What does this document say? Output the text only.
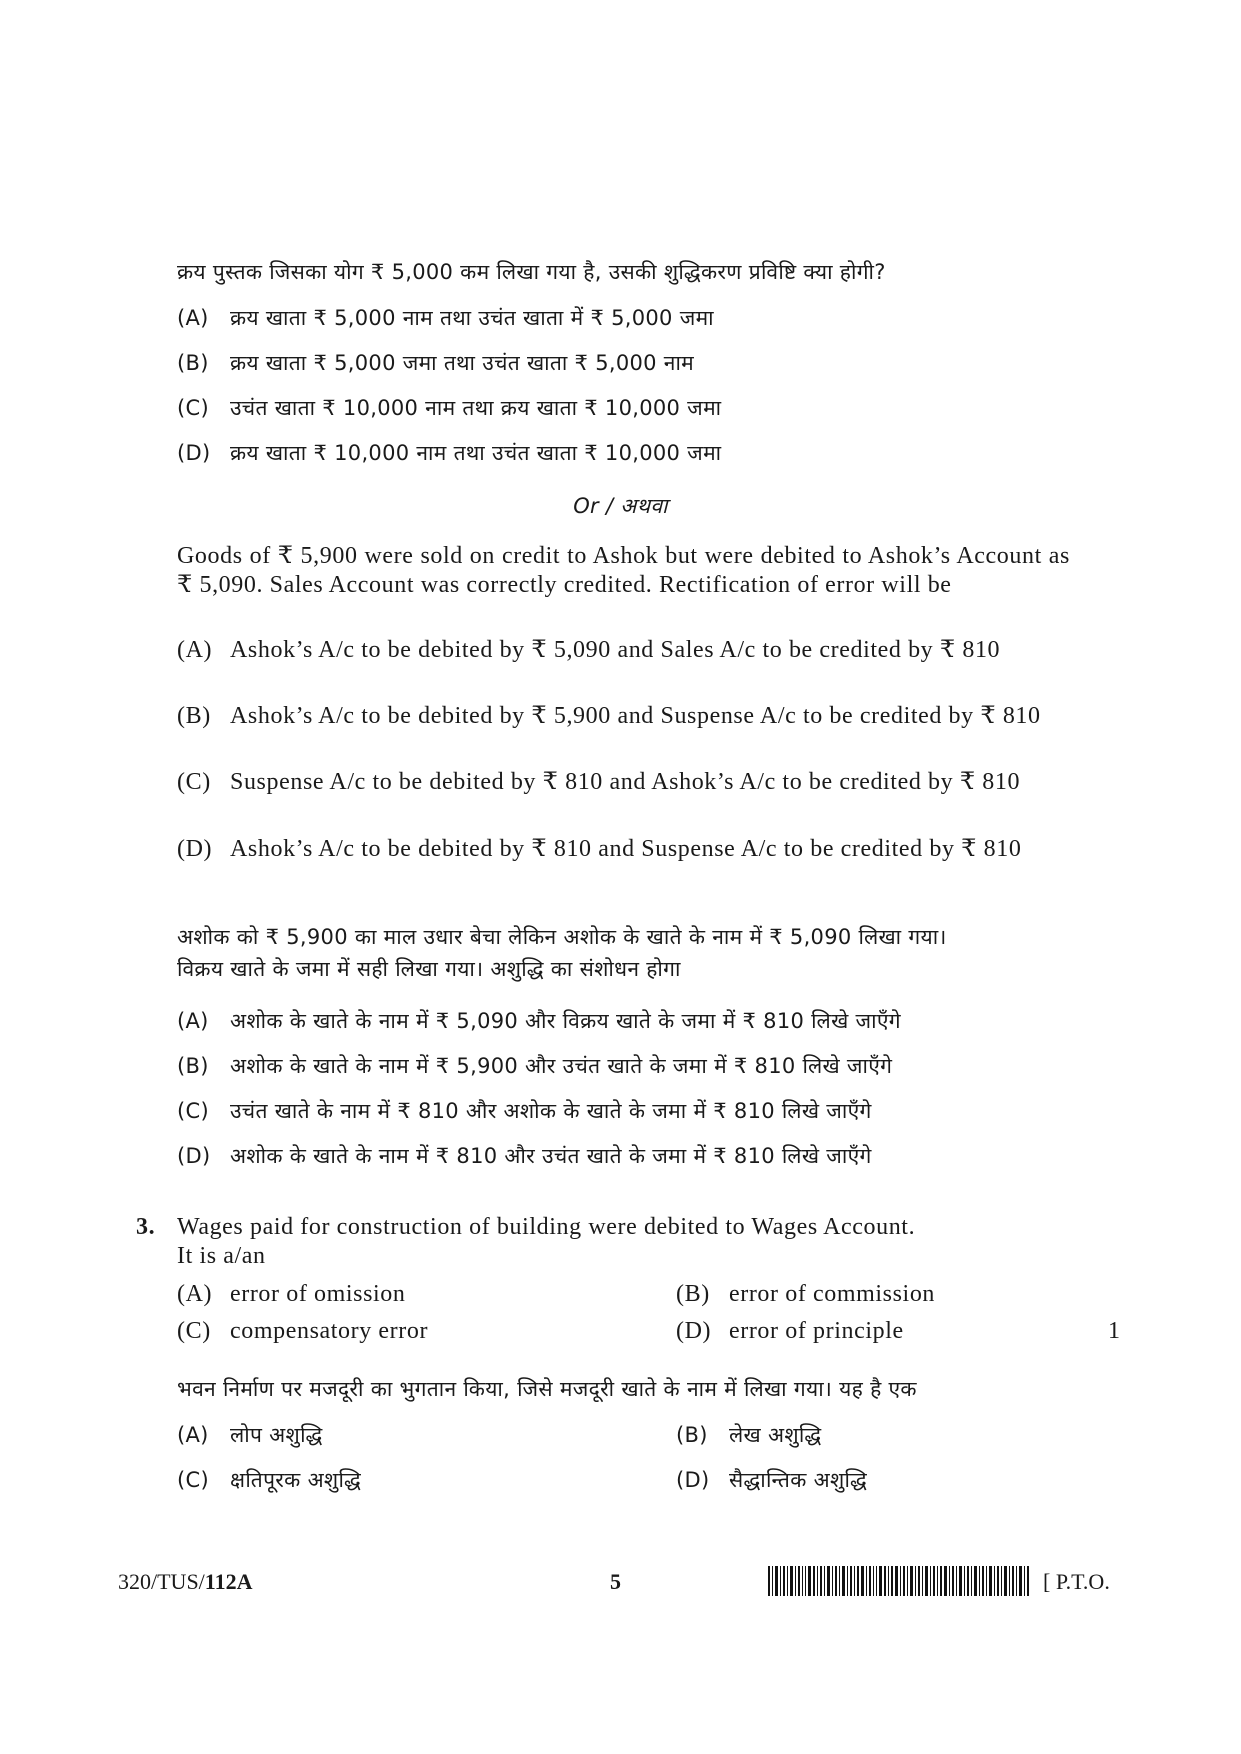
क्रय पुस्तक जिसका योग ₹ 5,000 कम लिखा गया है, उसकी शुद्धिकरण प्रविष्टि क्या होगी?
(A) क्रय खाता ₹ 5,000 नाम तथा उचंत खाता में ₹ 5,000 जमा
(B) क्रय खाता ₹ 5,000 जमा तथा उचंत खाता ₹ 5,000 नाम
(C) उचंत खाता ₹ 10,000 नाम तथा क्रय खाता ₹ 10,000 जमा
(D) क्रय खाता ₹ 10,000 नाम तथा उचंत खाता ₹ 10,000 जमा
Or / अथवा
Goods of ₹ 5,900 were sold on credit to Ashok but were debited to Ashok’s Account as ₹ 5,090. Sales Account was correctly credited. Rectification of error will be
(A) Ashok’s A/c to be debited by ₹ 5,090 and Sales A/c to be credited by ₹ 810
(B) Ashok’s A/c to be debited by ₹ 5,900 and Suspense A/c to be credited by ₹ 810
(C) Suspense A/c to be debited by ₹ 810 and Ashok’s A/c to be credited by ₹ 810
(D) Ashok’s A/c to be debited by ₹ 810 and Suspense A/c to be credited by ₹ 810
अशोक को ₹ 5,900 का माल उधार बेचा लेकिन अशोक के खाते के नाम में ₹ 5,090 लिखा गया।
विक्रय खाते के जमा में सही लिखा गया। अशुद्धि का संशोधन होगा
(A) अशोक के खाते के नाम में ₹ 5,090 और विक्रय खाते के जमा में ₹ 810 लिखे जाएँगे
(B) अशोक के खाते के नाम में ₹ 5,900 और उचंत खाते के जमा में ₹ 810 लिखे जाएँगे
(C) उचंत खाते के नाम में ₹ 810 और अशोक के खाते के जमा में ₹ 810 लिखे जाएँगे
(D) अशोक के खाते के नाम में ₹ 810 और उचंत खाते के जमा में ₹ 810 लिखे जाएँगे
3. Wages paid for construction of building were debited to Wages Account.
It is a/an
(A) error of omission	(B) error of commission
(C) compensatory error	(D) error of principle	1
भवन निर्माण पर मजदूरी का भुगतान किया, जिसे मजदूरी खाते के नाम में लिखा गया। यह है एक
(A) लोप अशुद्धि	(B) लेख अशुद्धि
(C) क्षतिपूरक अशुद्धि	(D) सैद्धान्तिक अशुद्धि
320/TUS/112A	5	[ P.T.O.
